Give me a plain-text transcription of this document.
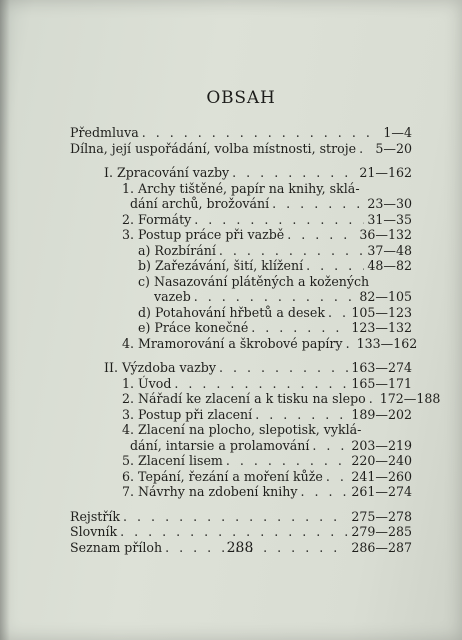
OBSAH
Předmluva . . .	1—4
Dílna, její uspořádání, volba místnosti, stroje . . . 5—20
I. Zpracování vazby . . .	21—162
1. Archy tištěné, papír na knihy, sklá-
dání archů, brožování . . .	23—30
2. Formáty . . .	31—35
3. Postup práce při vazbě . . .	36—132
a) Rozbírání . . .	37—48
b) Zařezávání, šití, klížení . . .	48—82
c) Nasazování plátěných a kožených
vazeb . . .	82—105
d) Potahování hřbetů a desek . . . 105—123
e) Práce konečné . . .	123—132
4. Mramorování a škrobové papíry . . . 133—162
II. Výzdoba vazby . . .	163—274
1. Úvod . . .	165—171
2. Nářadí ke zlacení a k tisku na slepo . . . 172—188
3. Postup při zlacení . . .	189—202
4. Zlacení na plocho, slepotisk, vyklá-
dání, intarsie a prolamování . . .	203—219
5. Zlacení lisem . . .	220—240
6. Tepání, řezání a moření kůže . . . 241—260
7. Návrhy na zdobení knihy . . .	261—274
Rejstřík . . .	275—278
Slovník . . .	279—285
Seznam příloh . . .	286—287
288
